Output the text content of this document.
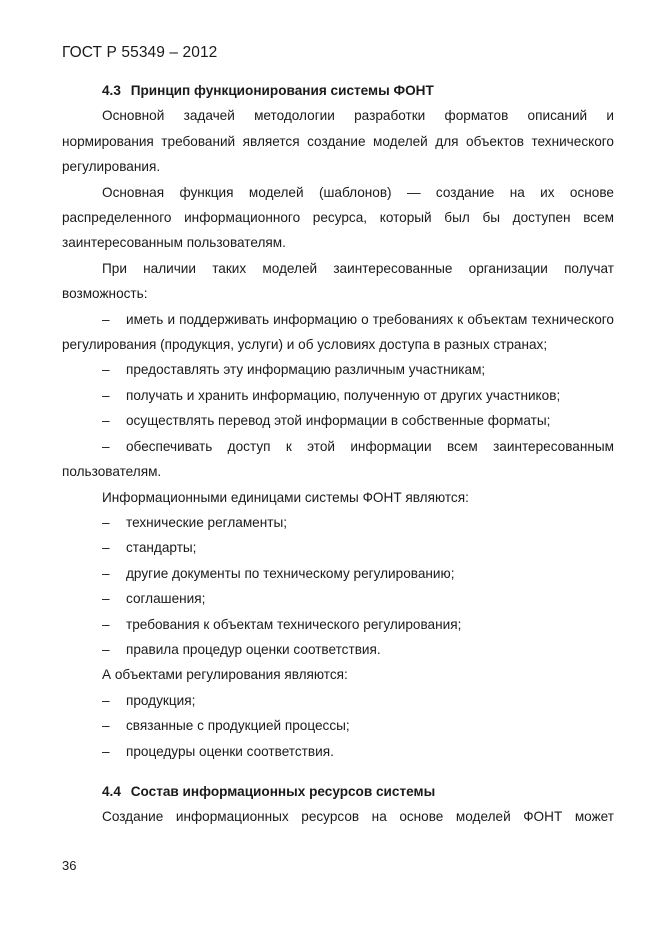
ГОСТ Р 55349 – 2012

4.3 Принцип функционирования системы ФОНТ

Основной задачей методологии разработки форматов описаний и нормирования требований является создание моделей для объектов технического регулирования.

Основная функция моделей (шаблонов) — создание на их основе распределенного информационного ресурса, который был бы доступен всем заинтересованным пользователям.

При наличии таких моделей заинтересованные организации получат возможность:

– иметь и поддерживать информацию о требованиях к объектам технического регулирования (продукция, услуги) и об условиях доступа в разных странах;

–	предоставлять эту информацию различным участникам;
–	получать и хранить информацию, полученную от других участников;
–	осуществлять перевод этой информации в собственные форматы;

– обеспечивать доступ к этой информации всем заинтересованным пользователям.

Информационными единицами системы ФОНТ являются:

–	технические регламенты;
–	стандарты;
–	другие документы по техническому регулированию;
–	соглашения;
–	требования к объектам технического регулирования;
–	правила процедур оценки соответствия.

А объектами регулирования являются:

–	продукция;
–	связанные с продукцией процессы;
–	процедуры оценки соответствия.

4.4 Состав информационных ресурсов системы

Создание информационных ресурсов на основе моделей ФОНТ может

36
